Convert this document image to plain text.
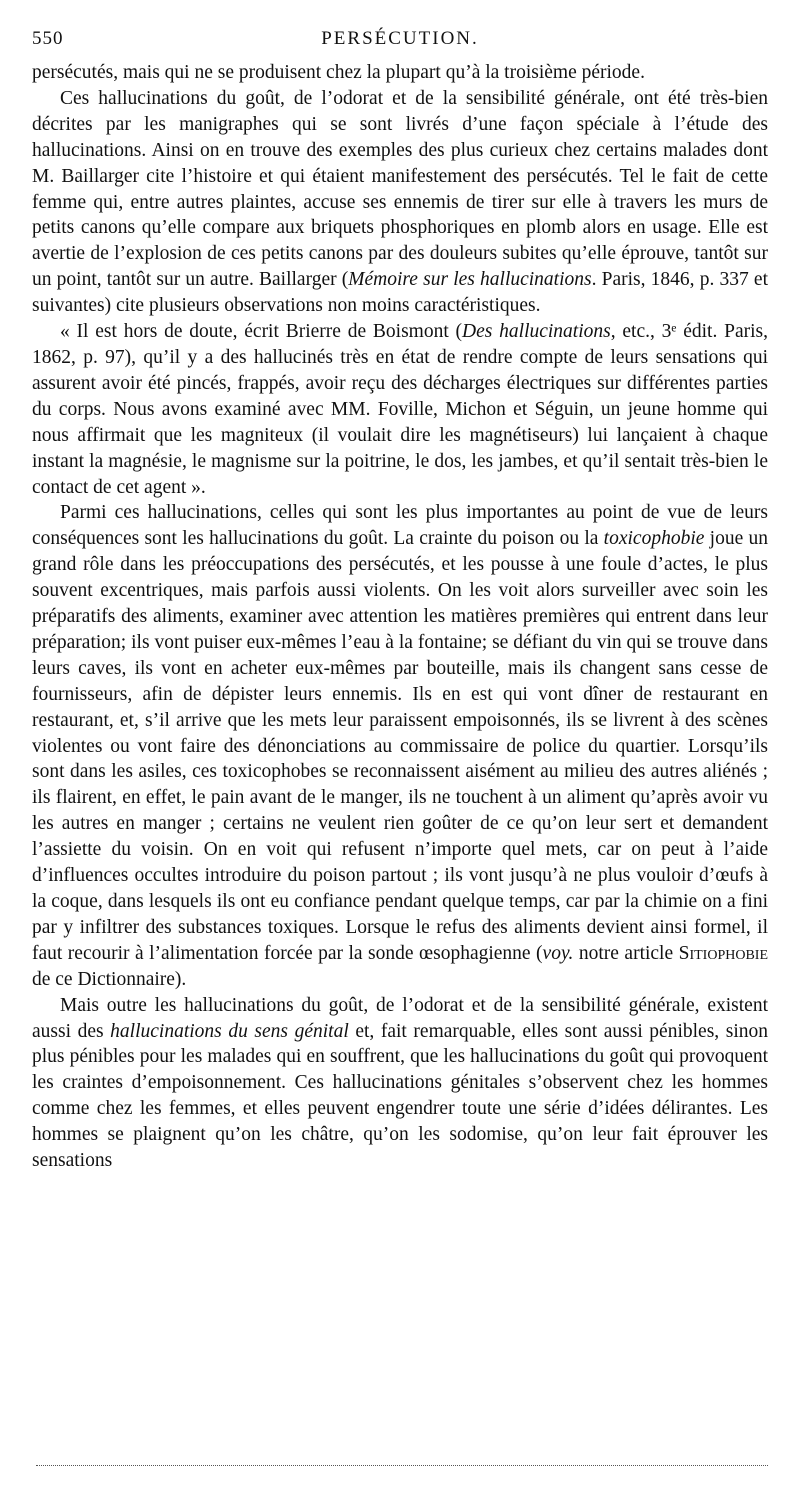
550	PERSÉCUTION.

persécutés, mais qui ne se produisent chez la plupart qu’à la troisième période.

Ces hallucinations du goût, de l’odorat et de la sensibilité générale, ont été très-bien décrites par les manigraphes qui se sont livrés d’une façon spéciale à l’étude des hallucinations. Ainsi on en trouve des exemples des plus curieux chez certains malades dont M. Baillarger cite l’histoire et qui étaient manifestement des persécutés. Tel le fait de cette femme qui, entre autres plaintes, accuse ses ennemis de tirer sur elle à travers les murs de petits canons qu’elle compare aux briquets phosphoriques en plomb alors en usage. Elle est avertie de l’explosion de ces petits canons par des douleurs subites qu’elle éprouve, tantôt sur un point, tantôt sur un autre. Baillarger (Mémoire sur les hallucinations. Paris, 1846, p. 337 et suivantes) cite plusieurs observations non moins caractéristiques.

« Il est hors de doute, écrit Brierre de Boismont (Des hallucinations, etc., 3ᵉ édit. Paris, 1862, p. 97), qu’il y a des hallucinés très en état de rendre compte de leurs sensations qui assurent avoir été pincés, frappés, avoir reçu des décharges électriques sur différentes parties du corps. Nous avons examiné avec MM. Foville, Michon et Séguin, un jeune homme qui nous affirmait que les magniteux (il voulait dire les magnétiseurs) lui lançaient à chaque instant la magnésie, le magnisme sur la poitrine, le dos, les jambes, et qu’il sentait très-bien le contact de cet agent ».

Parmi ces hallucinations, celles qui sont les plus importantes au point de vue de leurs conséquences sont les hallucinations du goût. La crainte du poison ou la toxicophobie joue un grand rôle dans les préoccupations des persécutés, et les pousse à une foule d’actes, le plus souvent excentriques, mais parfois aussi violents. On les voit alors surveiller avec soin les préparatifs des aliments, examiner avec attention les matières premières qui entrent dans leur préparation; ils vont puiser eux-mêmes l’eau à la fontaine; se défiant du vin qui se trouve dans leurs caves, ils vont en acheter eux-mêmes par bouteille, mais ils changent sans cesse de fournisseurs, afin de dépister leurs ennemis. Ils en est qui vont dîner de restaurant en restaurant, et, s’il arrive que les mets leur paraissent empoisonnés, ils se livrent à des scènes violentes ou vont faire des dénonciations au commissaire de police du quartier. Lorsqu’ils sont dans les asiles, ces toxicophobes se reconnaissent aisément au milieu des autres aliénés ; ils flairent, en effet, le pain avant de le manger, ils ne touchent à un aliment qu’après avoir vu les autres en manger ; certains ne veulent rien goûter de ce qu’on leur sert et demandent l’assiette du voisin. On en voit qui refusent n’importe quel mets, car on peut à l’aide d’influences occultes introduire du poison partout ; ils vont jusqu’à ne plus vouloir d’œufs à la coque, dans lesquels ils ont eu confiance pendant quelque temps, car par la chimie on a fini par y infiltrer des substances toxiques. Lorsque le refus des aliments devient ainsi formel, il faut recourir à l’alimentation forcée par la sonde œsophagienne (voy. notre article Sitiophobie de ce Dictionnaire).

Mais outre les hallucinations du goût, de l’odorat et de la sensibilité générale, existent aussi des hallucinations du sens génital et, fait remarquable, elles sont aussi pénibles, sinon plus pénibles pour les malades qui en souffrent, que les hallucinations du goût qui provoquent les craintes d’empoisonnement. Ces hallucinations génitales s’observent chez les hommes comme chez les femmes, et elles peuvent engendrer toute une série d’idées délirantes. Les hommes se plaignent qu’on les châtre, qu’on les sodomise, qu’on leur fait éprouver les sensations
